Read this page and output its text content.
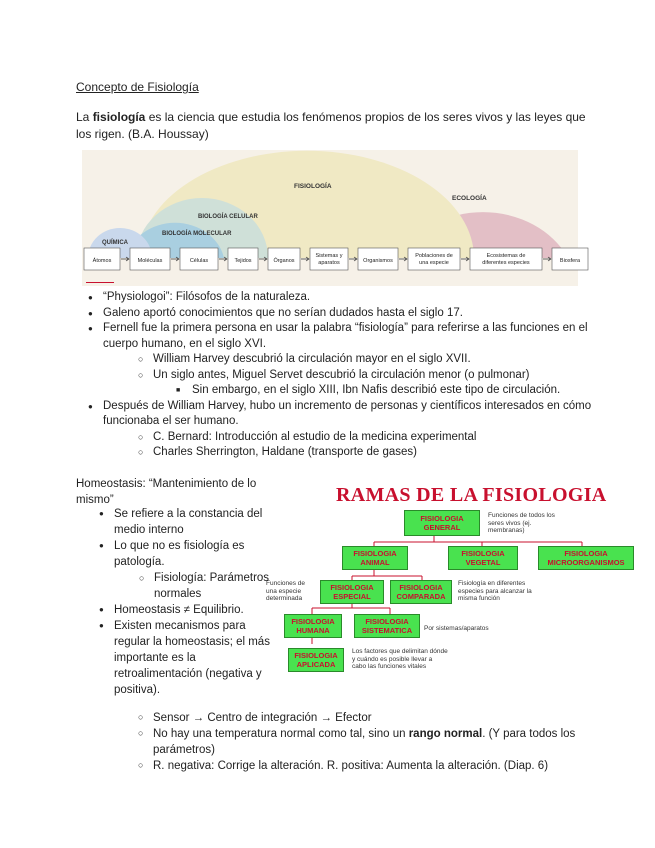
Concepto de Fisiología
La fisiología es la ciencia que estudia los fenómenos propios de los seres vivos y las leyes que los rigen. (B.A. Houssay)
FISIOLOGÍA
ECOLOGÍA
BIOLOGÍA CELULAR
BIOLOGÍA MOLECULAR
QUÍMICA
Átomos	Moléculas	Células	Tejidos	Órganos
Sistemas y
aparatos	Organismos
Poblaciones de
una especie
Ecosistemas de
diferentes especies	Biosfera
● “Physiologoi”: Filósofos de la naturaleza.
● Galeno aportó conocimientos que no serían dudados hasta el siglo 17.
● Fernell fue la primera persona en usar la palabra “fisiología” para referirse a las funciones en el cuerpo humano, en el siglo XVI.
○ William Harvey descubrió la circulación mayor en el siglo XVII.
○ Un siglo antes, Miguel Servet descubrió la circulación menor (o pulmonar)
■ Sin embargo, en el siglo XIII, Ibn Nafis describió este tipo de circulación.
● Después de William Harvey, hubo un incremento de personas y científicos interesados en cómo funcionaba el ser humano.
○ C. Bernard: Introducción al estudio de la medicina experimental
○ Charles Sherrington, Haldane (transporte de gases)
Homeostasis: “Mantenimiento de lo mismo”
● Se refiere a la constancia del medio interno
● Lo que no es fisiología es patología.
○ Fisiología: Parámetros normales
● Homeostasis ≠ Equilibrio.
● Existen mecanismos para regular la homeostasis; el más importante es la retroalimentación (negativa y positiva).
○ Sensor → Centro de integración → Efector
○ No hay una temperatura normal como tal, sino un rango normal. (Y para todos los parámetros)
○ R. negativa: Corrige la alteración. R. positiva: Aumenta la alteración. (Diap. 6)
RAMAS DE LA FISIOLOGIA
FISIOLOGIA GENERAL
Funciones de todos los seres vivos (ej. membranas)
FISIOLOGIA ANIMAL
FISIOLOGIA VEGETAL
FISIOLOGIA MICROORGANISMOS
Funciones de una especie determinada
FISIOLOGIA ESPECIAL
FISIOLOGIA COMPARADA
Fisiología en diferentes especies para alcanzar la misma función
FISIOLOGIA HUMANA
FISIOLOGIA SISTEMATICA	Por sistemas/aparatos
FISIOLOGIA APLICADA
Los factores que delimitan dónde y cuándo es posible llevar a cabo las funciones vitales
